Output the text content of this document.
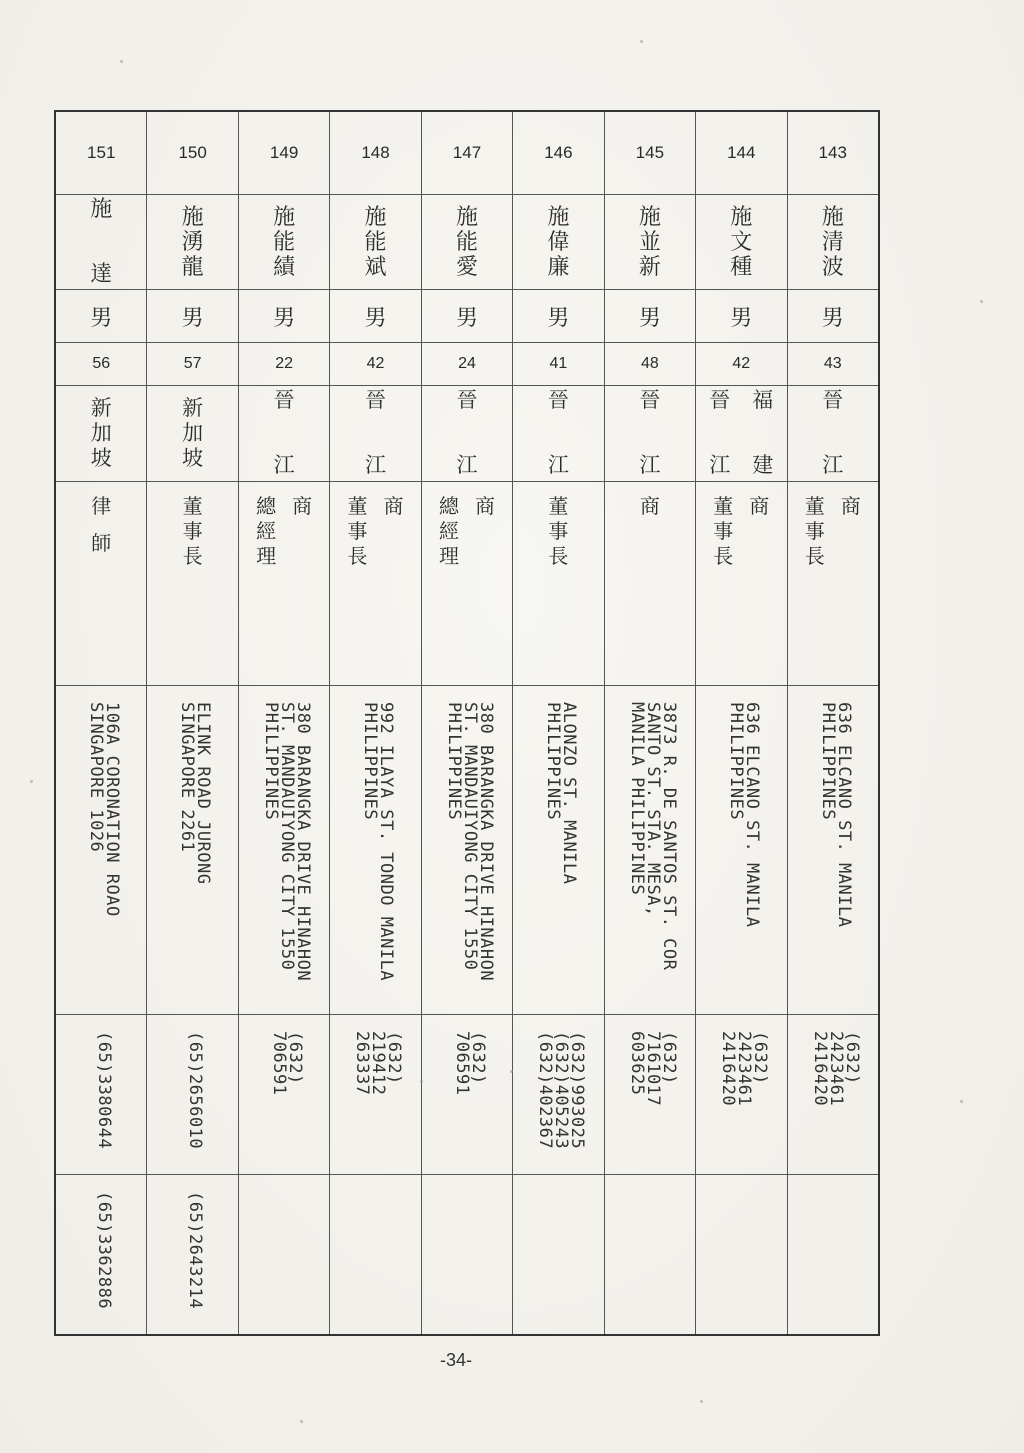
151
施
達
男
56
新
加
坡
律
師
106A CORONATION ROAO
SINGAPORE 1026
(65)3380644
(65)3362886
150
施
湧
龍
男
57
新
加
坡
董
事
長
ELINK ROAD JURONG
SINGAPORE 2261
(65)2656010
(65)2643214
149
施
能
績
男
22
晉
江
商
總
經
理
380 BARANGKA DRIVE HINAHON
ST. MANDAUIYONG CITY 1550
PHILIPPINES
(632)
706591
148
施
能
斌
男
42
晉
江
商
董
事
長
992 ILAYA ST. TONDO MANILA
PHILIPPINES
(632)
219412
263337
147
施
能
愛
男
24
晉
江
商
總
經
理
380 BARANGKA DRIVE HINAHON
ST. MANDAUIYONG CITY 1550
PHILIPPINES
(632)
706591
146
施
偉
廉
男
41
晉
江
董
事
長
ALONZO ST. MANILA
PHILIPPINES
(632)993025
(632)405243
(632)402367
145
施
並
新
男
48
晉
江
商
3873 R. DE SANTOS ST. COR
SANTO ST. STA. MESA,
MANILA PHILIPPINES
(632)
7161017
603625
144
施
文
種
男
42
福
建
晉
江
商
董
事
長
636 ELCANO ST. MANILA
PHILIPPINES
(632)
2423461
2416420
143
施
清
波
男
43
晉
江
商
董
事
長
636 ELCANO ST. MANILA
PHILIPPINES
(632)
2423461
2416420
-34-
